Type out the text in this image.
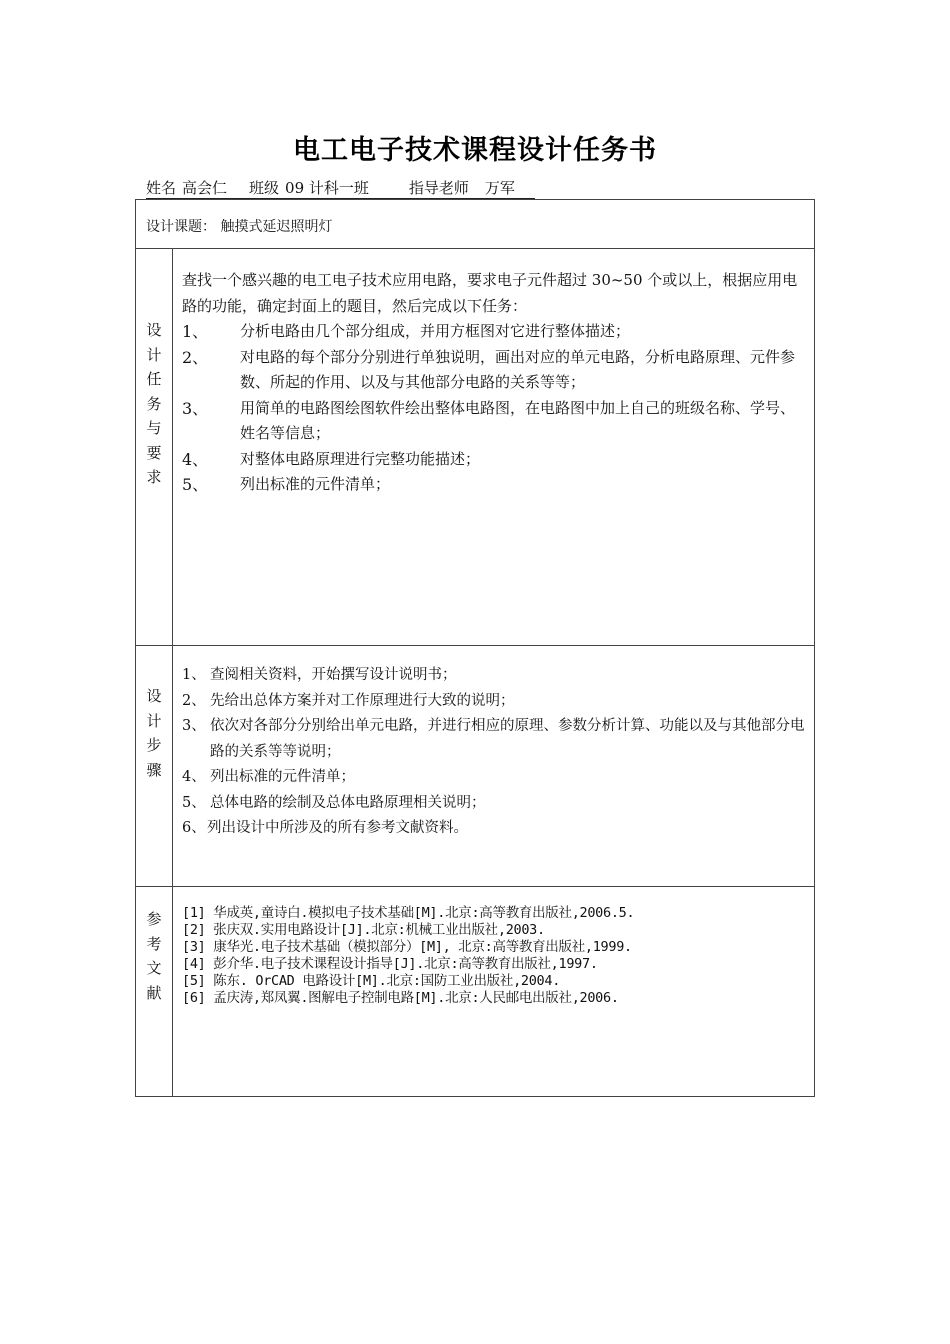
电工电子技术课程设计任务书
姓名 高会仁 班级 09 计科一班	指导老师 万军
设计课题： 触摸式延迟照明灯
设
计
任
务
与
要
求
查找一个感兴趣的电工电子技术应用电路，要求电子元件超过 30~50 个或以上，根据应用电路的功能，确定封面上的题目，然后完成以下任务：
1、	分析电路由几个部分组成，并用方框图对它进行整体描述；
2、	对电路的每个部分分别进行单独说明，画出对应的单元电路，分析电路原理、元件参数、所起的作用、以及与其他部分电路的关系等等；
3、	用简单的电路图绘图软件绘出整体电路图，在电路图中加上自己的班级名称、学号、姓名等信息；
4、	对整体电路原理进行完整功能描述；
5、	列出标准的元件清单；
设
计
步
骤
1、 查阅相关资料，开始撰写设计说明书；
2、 先给出总体方案并对工作原理进行大致的说明；
3、 依次对各部分分别给出单元电路，并进行相应的原理、参数分析计算、功能以及与其他部分电路的关系等等说明；
4、 列出标准的元件清单；
5、 总体电路的绘制及总体电路原理相关说明；
6、 列出设计中所涉及的所有参考文献资料。
参
考
文
献
[1] 华成英,童诗白.模拟电子技术基础[M].北京:高等教育出版社,2006.5.
[2] 张庆双.实用电路设计[J].北京:机械工业出版社,2003.
[3] 康华光.电子技术基础（模拟部分）[M], 北京:高等教育出版社,1999.
[4] 彭介华.电子技术课程设计指导[J].北京:高等教育出版社,1997.
[5] 陈东. OrCAD 电路设计[M].北京:国防工业出版社,2004.
[6] 孟庆涛,郑凤翼.图解电子控制电路[M].北京:人民邮电出版社,2006.
